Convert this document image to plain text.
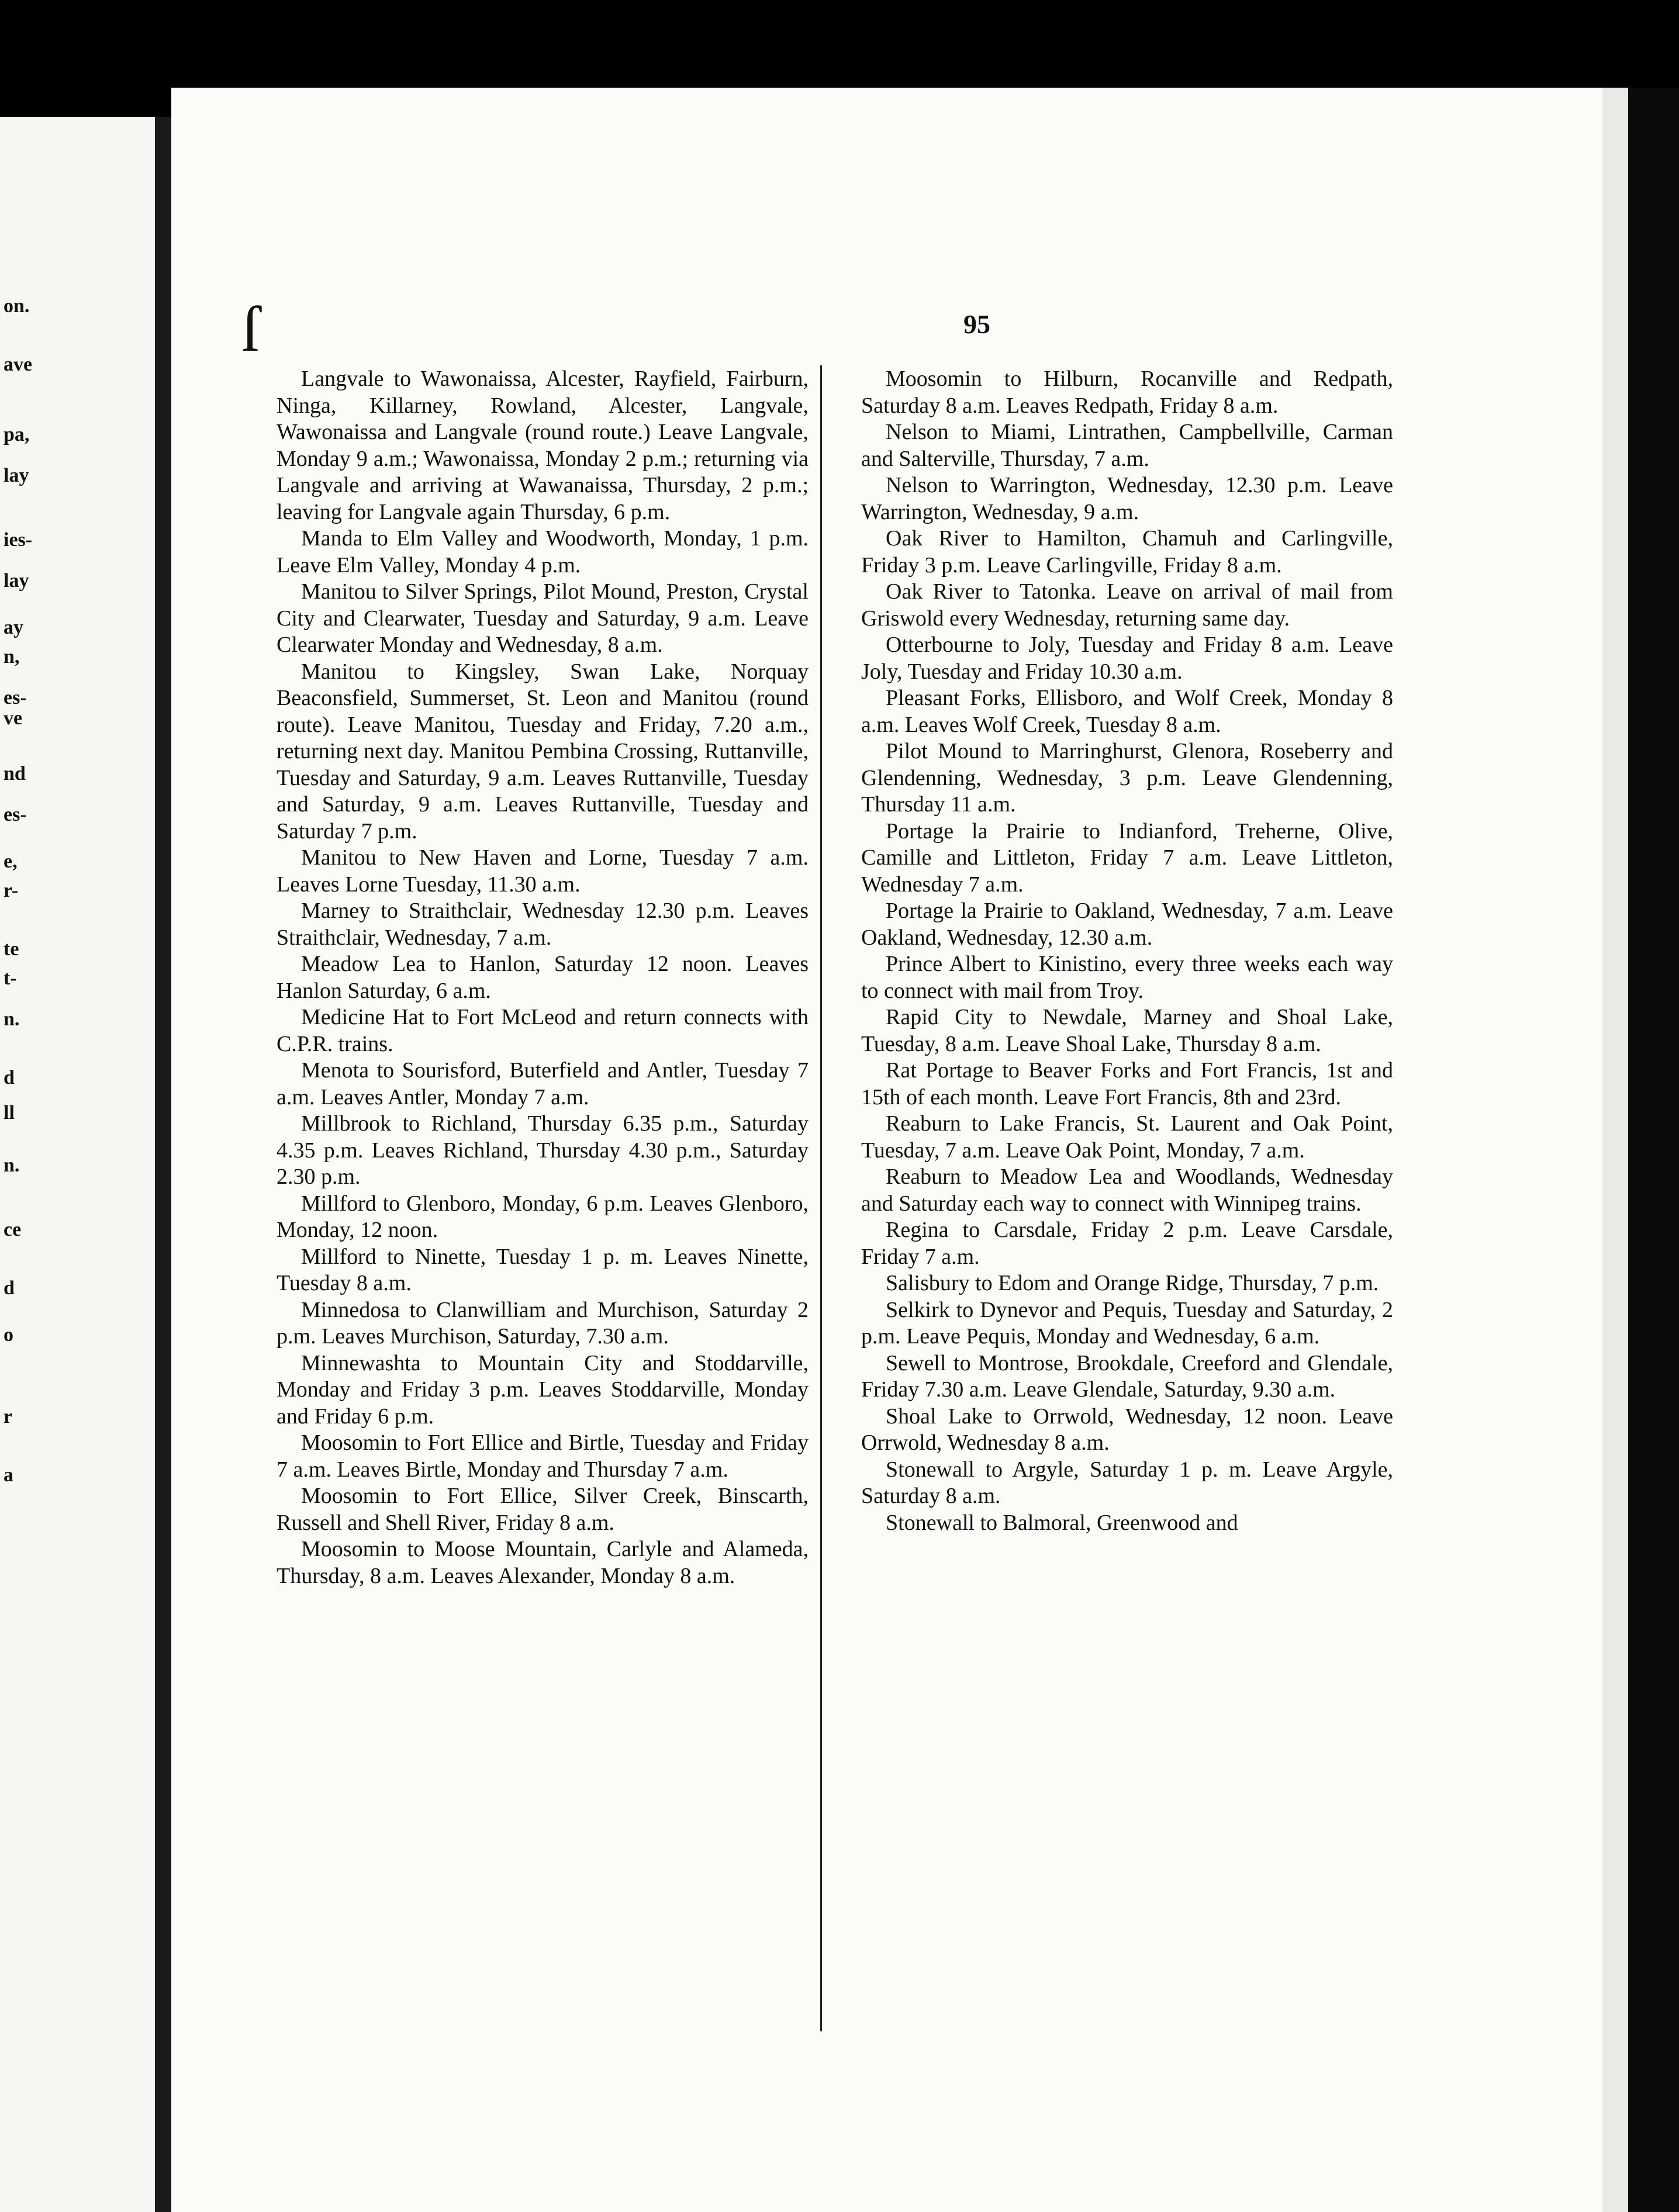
on.
ave
pa,
lay
ies-
lay
ay
n,
es-
ve
nd
es-
e,
r-
te
t-
n.
d
ll
n.
ce
d
o
r
a
ſ	95

Langvale to Wawonaissa, Alcester, Rayfield, Fairburn, Ninga, Killarney, Rowland, Alcester, Langvale, Wawonaissa and Langvale (round route.) Leave Langvale, Monday 9 a.m.; Wawonaissa, Monday 2 p.m.; returning via Langvale and arriving at Wawanaissa, Thursday, 2 p.m.; leaving for Langvale again Thursday, 6 p.m.

Manda to Elm Valley and Woodworth, Monday, 1 p.m. Leave Elm Valley, Monday 4 p.m.

Manitou to Silver Springs, Pilot Mound, Preston, Crystal City and Clearwater, Tuesday and Saturday, 9 a.m. Leave Clearwater Monday and Wednesday, 8 a.m.

Manitou to Kingsley, Swan Lake, Norquay Beaconsfield, Summerset, St. Leon and Manitou (round route). Leave Manitou, Tuesday and Friday, 7.20 a.m., returning next day. Manitou Pembina Crossing, Ruttanville, Tuesday and Saturday, 9 a.m. Leaves Ruttanville, Tuesday and Saturday, 9 a.m. Leaves Ruttanville, Tuesday and Saturday 7 p.m.

Manitou to New Haven and Lorne, Tuesday 7 a.m. Leaves Lorne Tuesday, 11.30 a.m.

Marney to Straithclair, Wednesday 12.30 p.m. Leaves Straithclair, Wednesday, 7 a.m.

Meadow Lea to Hanlon, Saturday 12 noon. Leaves Hanlon Saturday, 6 a.m.

Medicine Hat to Fort McLeod and return connects with C.P.R. trains.

Menota to Sourisford, Buterfield and Antler, Tuesday 7 a.m. Leaves Antler, Monday 7 a.m.

Millbrook to Richland, Thursday 6.35 p.m., Saturday 4.35 p.m. Leaves Richland, Thursday 4.30 p.m., Saturday 2.30 p.m.

Millford to Glenboro, Monday, 6 p.m. Leaves Glenboro, Monday, 12 noon.

Millford to Ninette, Tuesday 1 p. m. Leaves Ninette, Tuesday 8 a.m.

Minnedosa to Clanwilliam and Murchison, Saturday 2 p.m. Leaves Murchison, Saturday, 7.30 a.m.

Minnewashta to Mountain City and Stoddarville, Monday and Friday 3 p.m. Leaves Stoddarville, Monday and Friday 6 p.m.

Moosomin to Fort Ellice and Birtle, Tuesday and Friday 7 a.m. Leaves Birtle, Monday and Thursday 7 a.m.

Moosomin to Fort Ellice, Silver Creek, Binscarth, Russell and Shell River, Friday 8 a.m.

Moosomin to Moose Mountain, Carlyle and Alameda, Thursday, 8 a.m. Leaves Alexander, Monday 8 a.m.

Moosomin to Hilburn, Rocanville and Redpath, Saturday 8 a.m. Leaves Redpath, Friday 8 a.m.

Nelson to Miami, Lintrathen, Campbellville, Carman and Salterville, Thursday, 7 a.m.

Nelson to Warrington, Wednesday, 12.30 p.m. Leave Warrington, Wednesday, 9 a.m.

Oak River to Hamilton, Chamuh and Carlingville, Friday 3 p.m. Leave Carlingville, Friday 8 a.m.

Oak River to Tatonka. Leave on arrival of mail from Griswold every Wednesday, returning same day.

Otterbourne to Joly, Tuesday and Friday 8 a.m. Leave Joly, Tuesday and Friday 10.30 a.m.

Pleasant Forks, Ellisboro, and Wolf Creek, Monday 8 a.m. Leaves Wolf Creek, Tuesday 8 a.m.

Pilot Mound to Marringhurst, Glenora, Roseberry and Glendenning, Wednesday, 3 p.m. Leave Glendenning, Thursday 11 a.m.

Portage la Prairie to Indianford, Treherne, Olive, Camille and Littleton, Friday 7 a.m. Leave Littleton, Wednesday 7 a.m.

Portage la Prairie to Oakland, Wednesday, 7 a.m. Leave Oakland, Wednesday, 12.30 a.m.

Prince Albert to Kinistino, every three weeks each way to connect with mail from Troy.

Rapid City to Newdale, Marney and Shoal Lake, Tuesday, 8 a.m. Leave Shoal Lake, Thursday 8 a.m.

Rat Portage to Beaver Forks and Fort Francis, 1st and 15th of each month. Leave Fort Francis, 8th and 23rd.

Reaburn to Lake Francis, St. Laurent and Oak Point, Tuesday, 7 a.m. Leave Oak Point, Monday, 7 a.m.

Reaburn to Meadow Lea and Woodlands, Wednesday and Saturday each way to connect with Winnipeg trains.

Regina to Carsdale, Friday 2 p.m. Leave Carsdale, Friday 7 a.m.

Salisbury to Edom and Orange Ridge, Thursday, 7 p.m.

Selkirk to Dynevor and Pequis, Tuesday and Saturday, 2 p.m. Leave Pequis, Monday and Wednesday, 6 a.m.

Sewell to Montrose, Brookdale, Creeford and Glendale, Friday 7.30 a.m. Leave Glendale, Saturday, 9.30 a.m.

Shoal Lake to Orrwold, Wednesday, 12 noon. Leave Orrwold, Wednesday 8 a.m.

Stonewall to Argyle, Saturday 1 p. m. Leave Argyle, Saturday 8 a.m.

Stonewall to Balmoral, Greenwood and
